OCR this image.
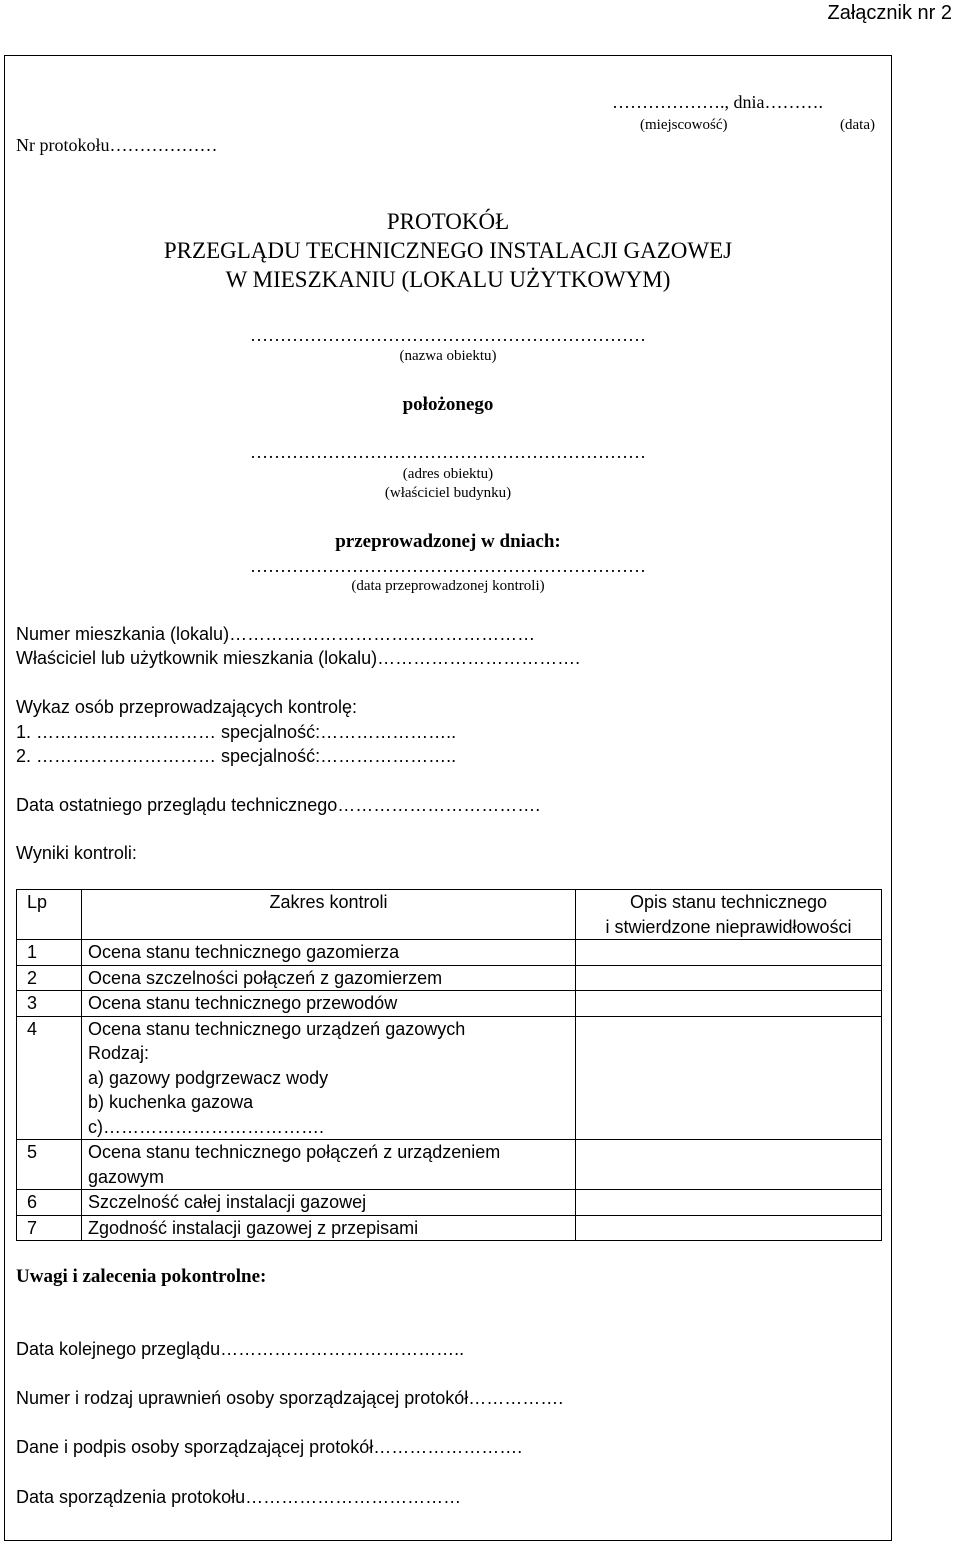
Załącznik nr 2
Nr protokołu………………
………………., dnia……….
(miejscowość)	(data)
PROTOKÓŁ
PRZEGLĄDU TECHNICZNEGO INSTALACJI GAZOWEJ
W MIESZKANIU (LOKALU UŻYTKOWYM)
…………………………………………………………
(nazwa obiektu)
położonego
…………………………………………………………
(adres obiektu)
(właściciel budynku)
przeprowadzonej w dniach:
…………………………………………………………
(data przeprowadzonej kontroli)
Numer mieszkania (lokalu)……………………………………………
Właściciel lub użytkownik mieszkania (lokalu)…………………………….
Wykaz osób przeprowadzających kontrolę:
1. ………………………… specjalność:…………………..
2. ………………………… specjalność:…………………..
Data ostatniego przeglądu technicznego…………………………….
Wyniki kontroli:
Lp	Zakres kontroli	Opis stanu technicznego
i stwierdzone nieprawidłowości

1	Ocena stanu technicznego gazomierza	

2	Ocena szczelności połączeń z gazomierzem	

3	Ocena stanu technicznego przewodów	

4	Ocena stanu technicznego urządzeń gazowych
Rodzaj:
a) gazowy podgrzewacz wody
b) kuchenka gazowa
c)……………………………….	

5	Ocena stanu technicznego połączeń z urządzeniem
gazowym	

6	Szczelność całej instalacji gazowej	

7	Zgodność instalacji gazowej z przepisami	

Uwagi i zalecenia pokontrolne:
Data kolejnego przeglądu…………………………………..
Numer i rodzaj uprawnień osoby sporządzającej protokół…………….
Dane i podpis osoby sporządzającej protokół…………………….
Data sporządzenia protokołu………………………………
